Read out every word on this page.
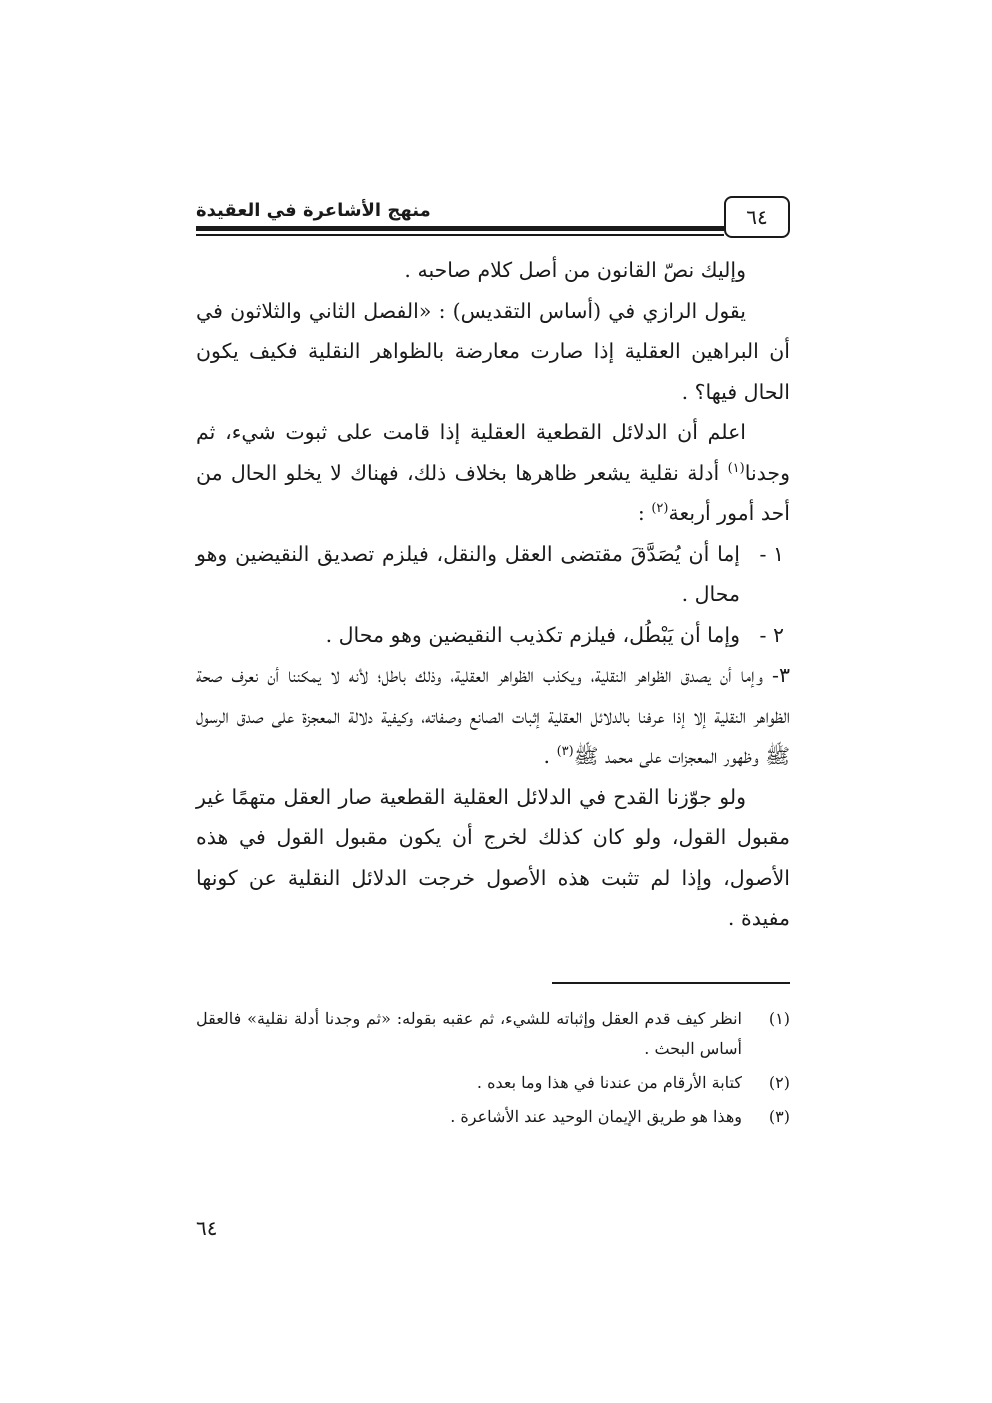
٦٤
منهج الأشاعرة في العقيدة

وإليك نصّ القانون من أصل كلام صاحبه .

يقول الرازي في (أساس التقديس) : «الفصل الثاني والثلاثون في أن البراهين العقلية إذا صارت معارضة بالظواهر النقلية فكيف يكون الحال فيها؟ .

اعلم أن الدلائل القطعية العقلية إذا قامت على ثبوت شيء، ثم وجدنا$^{(١)}$ أدلة نقلية يشعر ظاهرها بخلاف ذلك، فهناك لا يخلو الحال من أحد أمور أربعة$^{(٢)}$ :

١ -
إما أن يُصَدَّقَ مقتضى العقل والنقل، فيلزم تصديق النقيضين وهو محال .
٢ -
وإما أن يَبْطُل، فيلزم تكذيب النقيضين وهو محال .

٣- وإما أن يصدق الظواهر النقلية، ويكذب الظواهر العقلية، وذلك باطل؛ لأنه لا يمكننا أن نعرف صحة الظواهر النقلية إلا إذا عرفنا بالدلائل العقلية إثبات الصانع وصفاته، وكيفية دلالة المعجزة على صدق الرسول ﷺ وظهور المعجزات على محمد ﷺ$^{(٣)}$ .

ولو جوّزنا القدح في الدلائل العقلية القطعية صار العقل متهمًا غير مقبول القول، ولو كان كذلك لخرج أن يكون مقبول القول في هذه الأصول، وإذا لم تثبت هذه الأصول خرجت الدلائل النقلية عن كونها مفيدة .

(١)
انظر كيف قدم العقل وإثباته للشيء، ثم عقبه بقوله: «ثم وجدنا أدلة نقلية» فالعقل أساس البحث .
(٢)
كتابة الأرقام من عندنا في هذا وما بعده .
(٣)
وهذا هو طريق الإيمان الوحيد عند الأشاعرة .
٦٤
